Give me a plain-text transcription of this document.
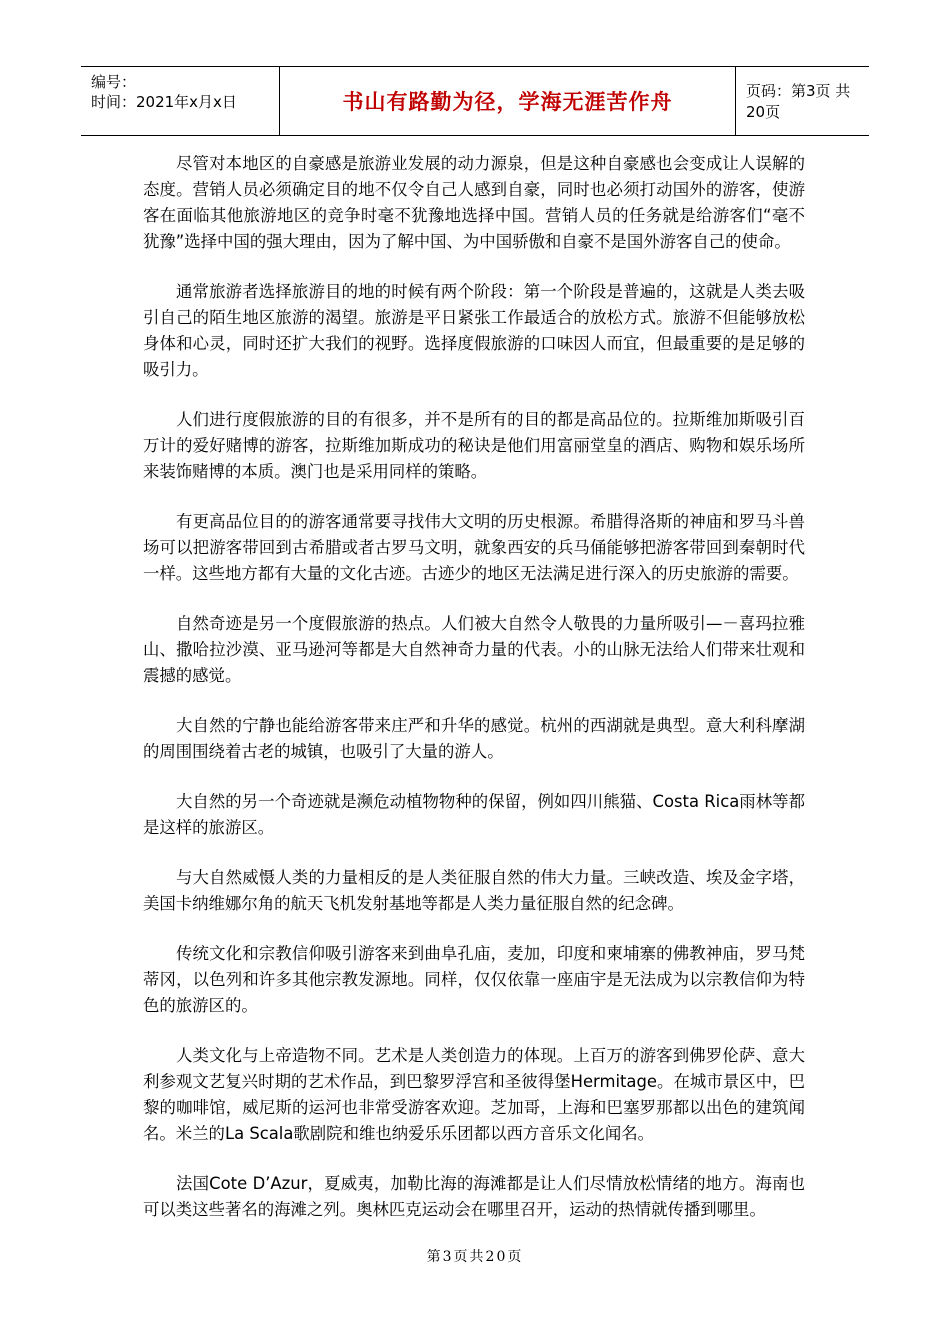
编号：
时间：2021年x月x日	书山有路勤为径，学海无涯苦作舟	页码：第3页 共20页

尽管对本地区的自豪感是旅游业发展的动力源泉，但是这种自豪感也会变成让人误解的态度。营销人员必须确定目的地不仅令自己人感到自豪，同时也必须打动国外的游客，使游客在面临其他旅游地区的竞争时毫不犹豫地选择中国。营销人员的任务就是给游客们“毫不犹豫”选择中国的强大理由，因为了解中国、为中国骄傲和自豪不是国外游客自己的使命。

通常旅游者选择旅游目的地的时候有两个阶段：第一个阶段是普遍的，这就是人类去吸引自己的陌生地区旅游的渴望。旅游是平日紧张工作最适合的放松方式。旅游不但能够放松身体和心灵，同时还扩大我们的视野。选择度假旅游的口味因人而宜，但最重要的是足够的吸引力。

人们进行度假旅游的目的有很多，并不是所有的目的都是高品位的。拉斯维加斯吸引百万计的爱好赌博的游客，拉斯维加斯成功的秘诀是他们用富丽堂皇的酒店、购物和娱乐场所来装饰赌博的本质。澳门也是采用同样的策略。

有更高品位目的的游客通常要寻找伟大文明的历史根源。希腊得洛斯的神庙和罗马斗兽场可以把游客带回到古希腊或者古罗马文明，就象西安的兵马俑能够把游客带回到秦朝时代一样。这些地方都有大量的文化古迹。古迹少的地区无法满足进行深入的历史旅游的需要。

自然奇迹是另一个度假旅游的热点。人们被大自然令人敬畏的力量所吸引—－喜玛拉雅山、撒哈拉沙漠、亚马逊河等都是大自然神奇力量的代表。小的山脉无法给人们带来壮观和震撼的感觉。

大自然的宁静也能给游客带来庄严和升华的感觉。杭州的西湖就是典型。意大利科摩湖的周围围绕着古老的城镇，也吸引了大量的游人。

大自然的另一个奇迹就是濒危动植物物种的保留，例如四川熊猫、Costa Rica雨林等都是这样的旅游区。

与大自然威慑人类的力量相反的是人类征服自然的伟大力量。三峡改造、埃及金字塔，美国卡纳维娜尔角的航天飞机发射基地等都是人类力量征服自然的纪念碑。

传统文化和宗教信仰吸引游客来到曲阜孔庙，麦加，印度和柬埔寨的佛教神庙，罗马梵蒂冈，以色列和许多其他宗教发源地。同样，仅仅依靠一座庙宇是无法成为以宗教信仰为特色的旅游区的。

人类文化与上帝造物不同。艺术是人类创造力的体现。上百万的游客到佛罗伦萨、意大利参观文艺复兴时期的艺术作品，到巴黎罗浮宫和圣彼得堡Hermitage。在城市景区中，巴黎的咖啡馆，威尼斯的运河也非常受游客欢迎。芝加哥，上海和巴塞罗那都以出色的建筑闻名。米兰的La Scala歌剧院和维也纳爱乐乐团都以西方音乐文化闻名。

法国Cote D’Azur，夏威夷，加勒比海的海滩都是让人们尽情放松情绪的地方。海南也可以类这些著名的海滩之列。奥林匹克运动会在哪里召开，运动的热情就传播到哪里。

第3页共20页
